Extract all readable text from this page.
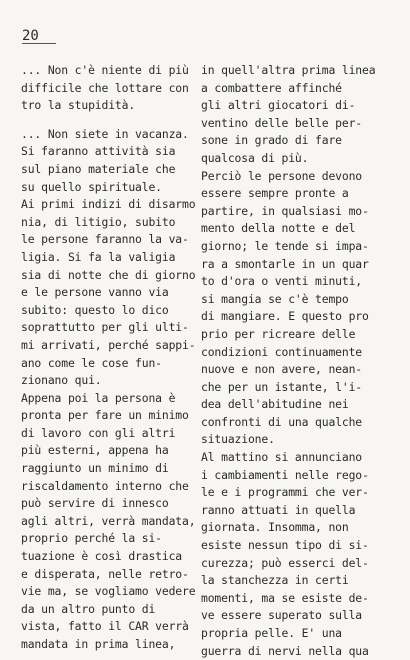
20
... Non c'è niente di più
difficile che lottare con
tro la stupidità.
... Non siete in vacanza.
Si faranno attività sia
sul piano materiale che
su quello spirituale.
Ai primi indizi di disarmo
nia, di litigio, subito
le persone faranno la va-
ligia. Si fa la valigia
sia di notte che di giorno
e le persone vanno via
subito: questo lo dico
soprattutto per gli ulti-
mi arrivati, perché sappi-
ano come le cose fun-
zionano qui.
Appena poi la persona è
pronta per fare un minimo
di lavoro con gli altri
più esterni, appena ha
raggiunto un minimo di
riscaldamento interno che
può servire di innesco
agli altri, verrà mandata,
proprio perché la si-
tuazione è così drastica
e disperata, nelle retro-
vie ma, se vogliamo vedere
da un altro punto di
vista, fatto il CAR verrà
mandata in prima linea,
in quell'altra prima linea
a combattere affinché
gli altri giocatori di-
ventino delle belle per-
sone in grado di fare
qualcosa di più.
Perciò le persone devono
essere sempre pronte a
partire, in qualsiasi mo-
mento della notte e del
giorno; le tende si impa-
ra a smontarle in un quar
to d'ora o venti minuti,
si mangia se c'è tempo
di mangiare. E questo pro
prio per ricreare delle
condizioni continuamente
nuove e non avere, nean-
che per un istante, l'i-
dea dell'abitudine nei
confronti di una qualche
situazione.
Al mattino si annunciano
i cambiamenti nelle rego-
le e i programmi che ver-
ranno attuati in quella
giornata. Insomma, non
esiste nessun tipo di si-
curezza; può esserci del-
la stanchezza in certi
momenti, ma se esiste de-
ve essere superato sulla
propria pelle. E' una
guerra di nervi nella qua
